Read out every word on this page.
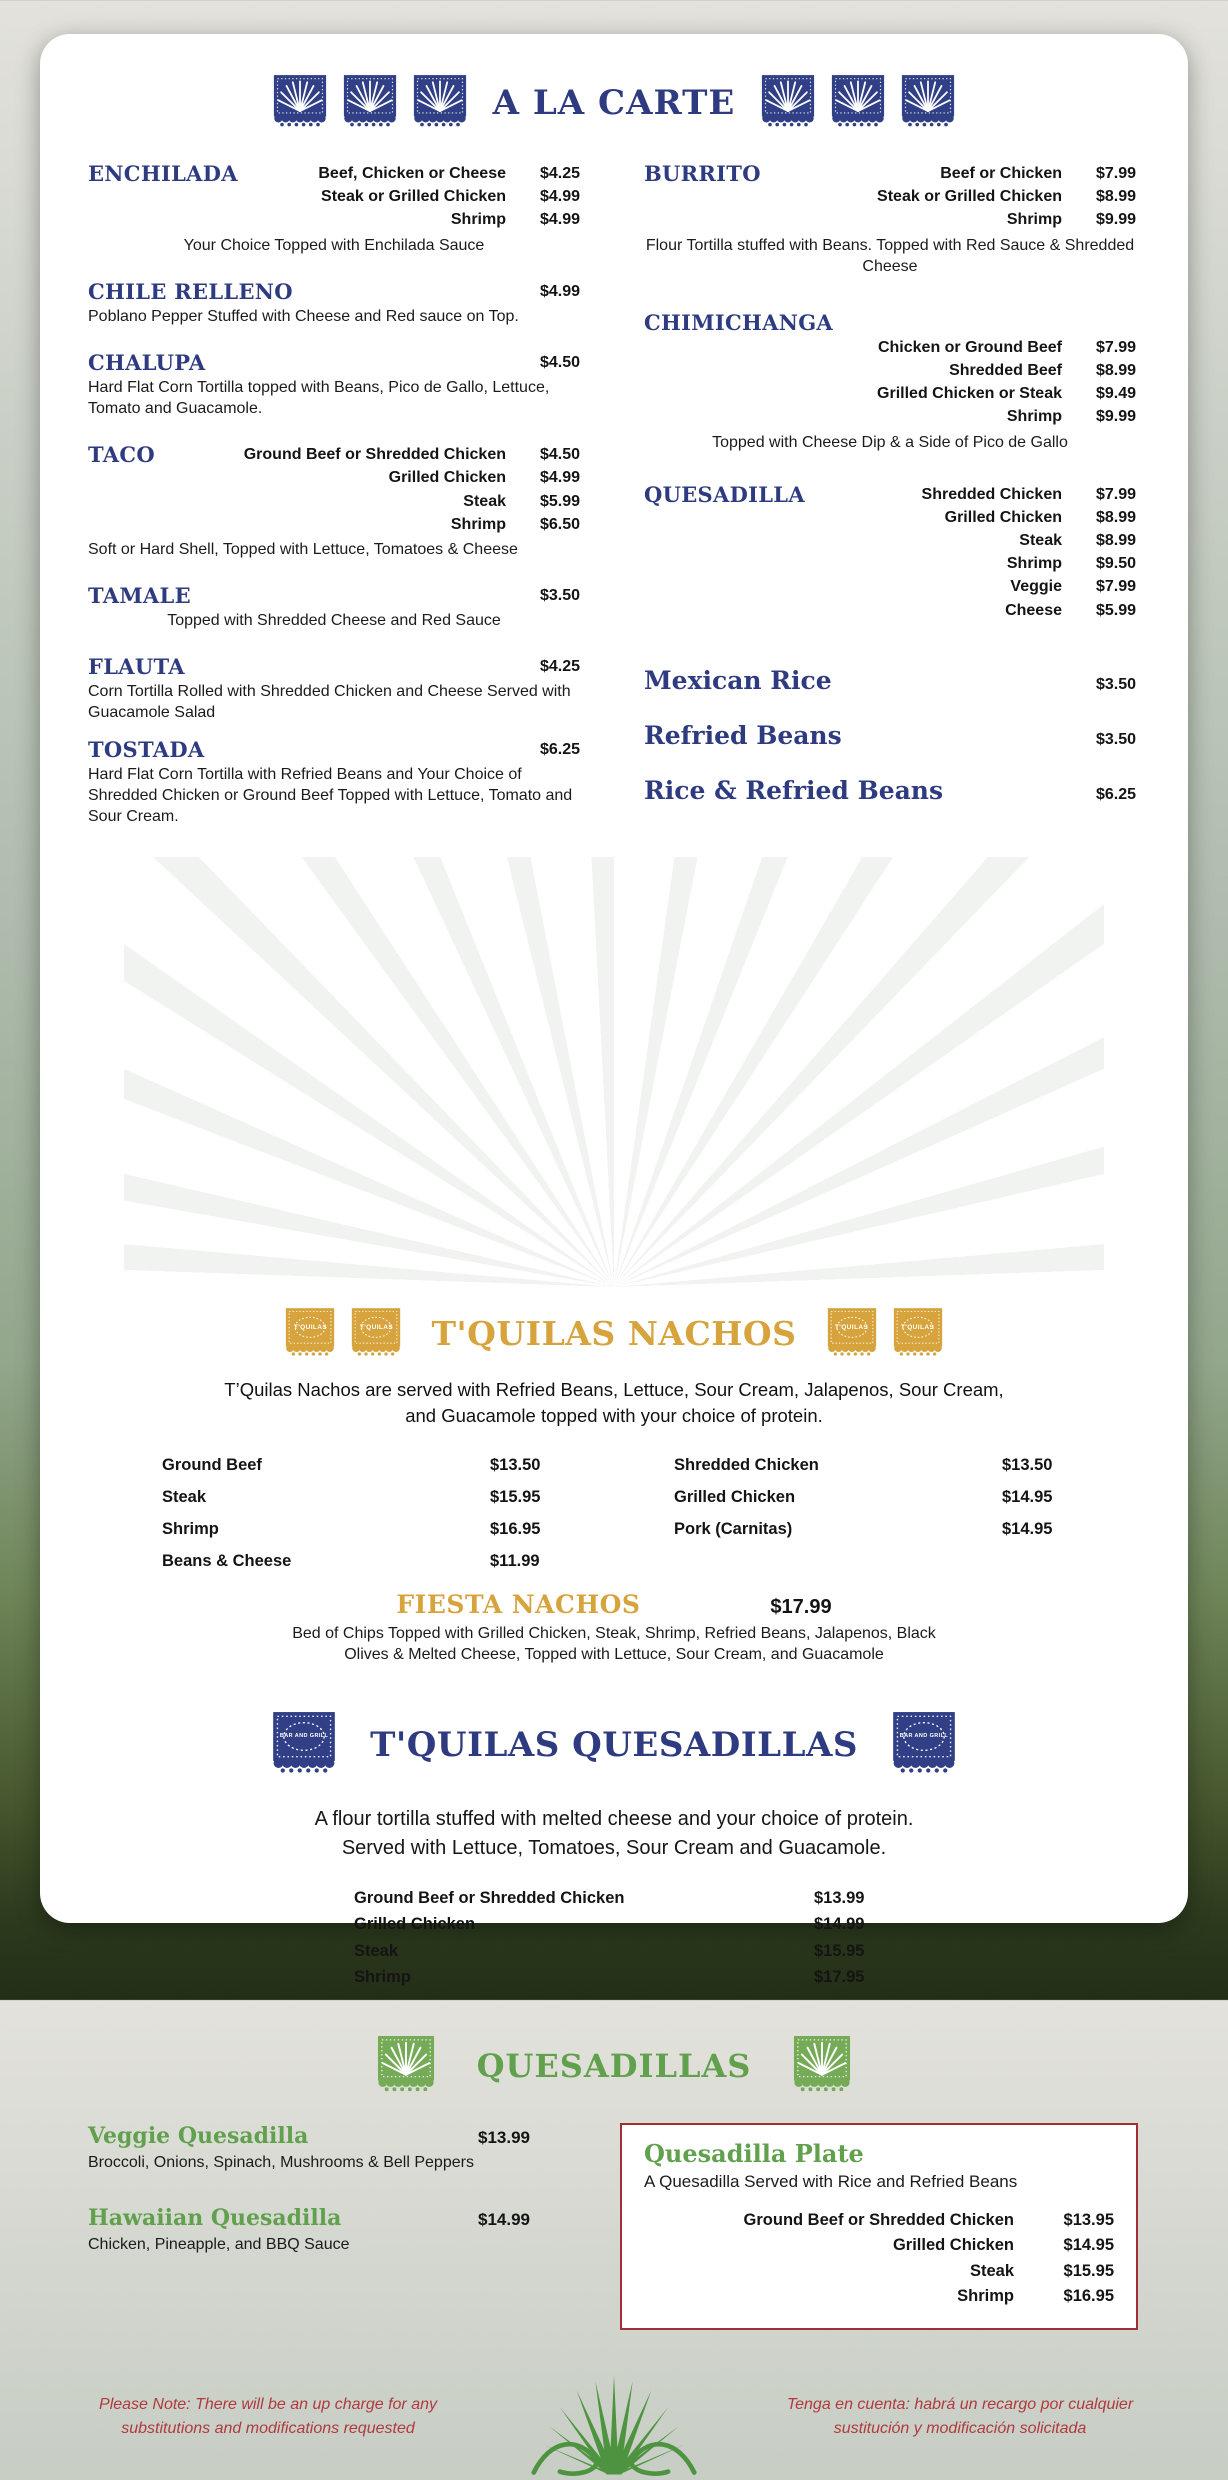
A LA CARTE
ENCHILADA	Beef, Chicken or Cheese	$4.25
Steak or Grilled Chicken	$4.99
Shrimp	$4.99

Your Choice Topped with Enchilada Sauce

CHILE RELLENO	$4.99

Poblano Pepper Stuffed with Cheese and Red sauce on Top.

CHALUPA	$4.50

Hard Flat Corn Tortilla topped with Beans, Pico de Gallo, Lettuce, Tomato and Guacamole.

TACO	Ground Beef or Shredded Chicken	$4.50
Grilled Chicken	$4.99
Steak	$5.99
Shrimp	$6.50

Soft or Hard Shell, Topped with Lettuce, Tomatoes & Cheese

TAMALE	$3.50

Topped with Shredded Cheese and Red Sauce

FLAUTA	$4.25

Corn Tortilla Rolled with Shredded Chicken and Cheese Served with Guacamole Salad

TOSTADA	$6.25

Hard Flat Corn Tortilla with Refried Beans and Your Choice of Shredded Chicken or Ground Beef Topped with Lettuce, Tomato and Sour Cream.

BURRITO	Beef or Chicken	$7.99
Steak or Grilled Chicken	$8.99
Shrimp	$9.99

Flour Tortilla stuffed with Beans. Topped with Red Sauce & Shredded Cheese

CHIMICHANGA
Chicken or Ground Beef	$7.99
Shredded Beef	$8.99
Grilled Chicken or Steak	$9.49
Shrimp	$9.99

Topped with Cheese Dip & a Side of Pico de Gallo

QUESADILLA	Shredded Chicken	$7.99
Grilled Chicken	$8.99
Steak	$8.99
Shrimp	$9.50
Veggie	$7.99
Cheese	$5.99
Mexican Rice	$3.50
Refried Beans	$3.50
Rice & Refried Beans	$6.25
T'QUILAS	T'QUILAS T'QUILAS NACHOS	T'QUILAS	T'QUILAS

T’Quilas Nachos are served with Refried Beans, Lettuce, Sour Cream, Jalapenos, Sour Cream,
and Guacamole topped with your choice of protein.

Ground Beef	$13.50
Steak	$15.95
Shrimp	$16.95
Beans & Cheese	$11.99
Shredded Chicken	$13.50
Grilled Chicken	$14.95
Pork (Carnitas)	$14.95
FIESTA NACHOS	$17.99

Bed of Chips Topped with Grilled Chicken, Steak, Shrimp, Refried Beans, Jalapenos, Black
Olives & Melted Cheese, Topped with Lettuce, Sour Cream, and Guacamole

BAR AND GRILL T'QUILAS QUESADILLAS	BAR AND GRILL

A flour tortilla stuffed with melted cheese and your choice of protein.
Served with Lettuce, Tomatoes, Sour Cream and Guacamole.

Ground Beef or Shredded Chicken	$13.99
Grilled Chicken	$14.99
Steak	$15.95
Shrimp	$17.95
QUESADILLAS
Veggie Quesadilla	$13.99

Broccoli, Onions, Spinach, Mushrooms & Bell Peppers

Hawaiian Quesadilla	$14.99

Chicken, Pineapple, and BBQ Sauce

Quesadilla Plate

A Quesadilla Served with Rice and Refried Beans

Ground Beef or Shredded Chicken	$13.95
Grilled Chicken	$14.95
Steak	$15.95
Shrimp	$16.95

Please Note: There will be an up charge for any substitutions and modifications requested

Tenga en cuenta: habrá un recargo por cualquier sustitución y modificación solicitada
